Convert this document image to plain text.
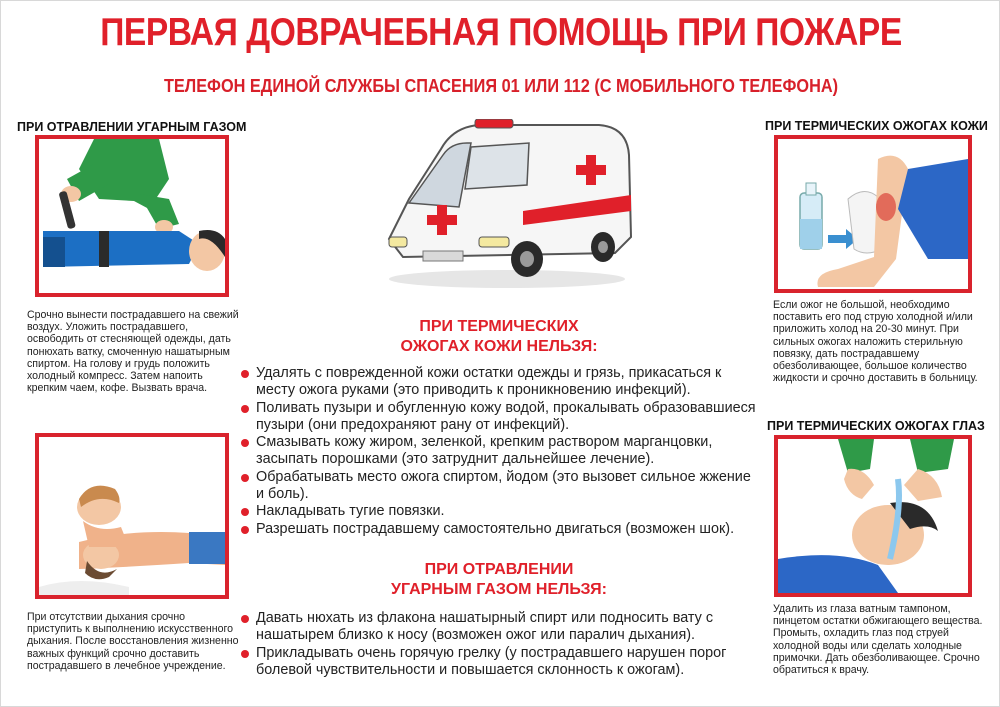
ПЕРВАЯ ДОВРАЧЕБНАЯ ПОМОЩЬ ПРИ ПОЖАРЕ
ТЕЛЕФОН ЕДИНОЙ СЛУЖБЫ СПАСЕНИЯ 01 ИЛИ 112 (С МОБИЛЬНОГО ТЕЛЕФОНА)
ПРИ ОТРАВЛЕНИИ УГАРНЫМ ГАЗОМ
Срочно вынести пострадавшего на свежий воздух. Уложить пострадавшего, освободить от стесняющей одежды, дать понюхать ватку, смоченную нашатырным спиртом. На голову и грудь положить холодный компресс. Затем напоить крепким чаем, кофе. Вызвать врача.
При отсутствии дыхания срочно приступить к выполнению искусственного дыхания. После восстановления жизненно важных функций срочно доставить пострадавшего в лечебное учреждение.
ПРИ ТЕРМИЧЕСКИХ
ОЖОГАХ КОЖИ НЕЛЬЗЯ:
Удалять с поврежденной кожи остатки одежды и грязь, прикасаться к месту ожога руками (это приводить к проникновению инфекций).
Поливать пузыри и обугленную кожу водой, прокалывать образовавшиеся пузыри (они предохраняют рану от инфекций).
Смазывать кожу жиром, зеленкой, крепким раствором марганцовки, засыпать порошками (это затруднит дальнейшее лечение).
Обрабатывать место ожога спиртом, йодом (это вызовет сильное жжение и боль).
Накладывать тугие повязки.
Разрешать пострадавшему самостоятельно двигаться (возможен шок).
ПРИ ОТРАВЛЕНИИ
УГАРНЫМ ГАЗОМ НЕЛЬЗЯ:
Давать нюхать из флакона нашатырный спирт или подносить вату с нашатырем близко к носу (возможен ожог или паралич дыхания).
Прикладывать очень горячую грелку (у пострадавшего нарушен порог болевой чувствительности и повышается склонность к ожогам).
ПРИ ТЕРМИЧЕСКИХ ОЖОГАХ КОЖИ
Если ожог не большой, необходимо поставить его под струю холодной и/или приложить холод на 20-30 минут. При сильных ожогах наложить стерильную повязку, дать пострадавшему обезболивающее, большое количество жидкости и срочно доставить в больницу.
ПРИ ТЕРМИЧЕСКИХ ОЖОГАХ ГЛАЗ
Удалить из глаза ватным тампоном, пинцетом остатки обжигающего вещества. Промыть, охладить глаз под струей холодной воды или сделать холодные примочки. Дать обезболивающее. Срочно обратиться к врачу.
